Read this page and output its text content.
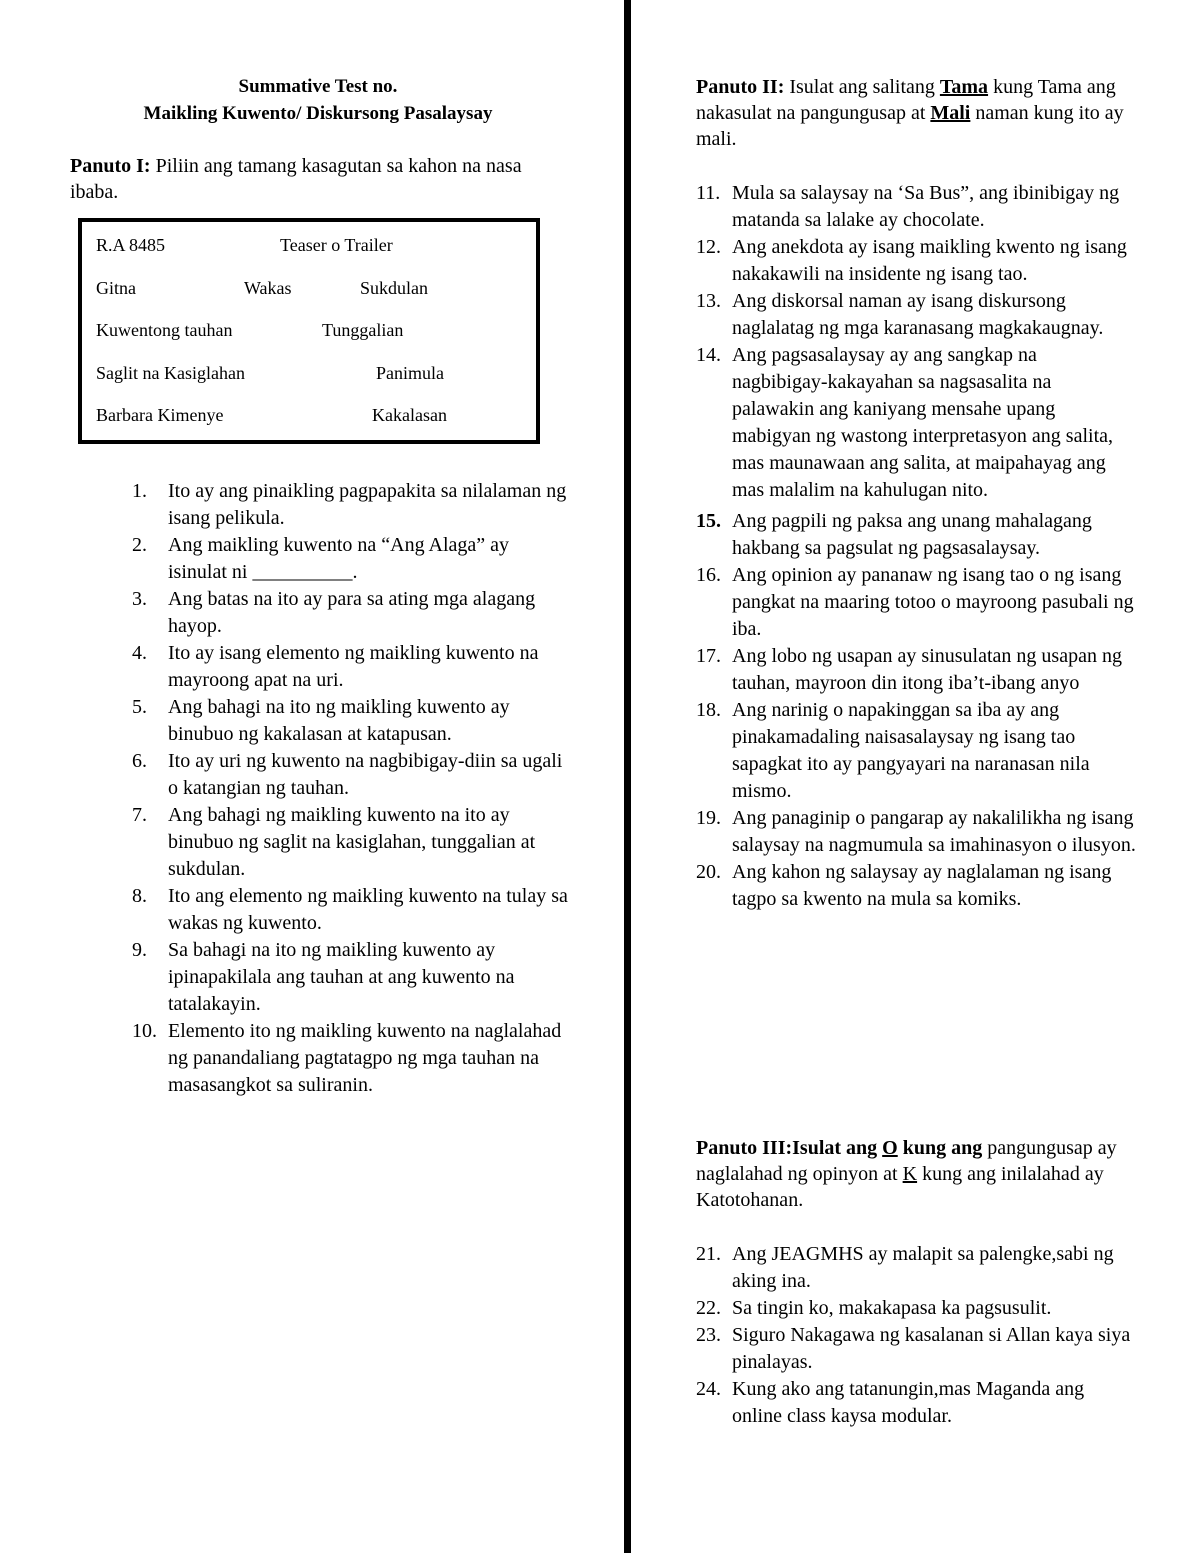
Summative Test no.
Maikling Kuwento/ Diskursong Pasalaysay
Panuto I: Piliin ang tamang kasagutan sa kahon na nasa ibaba.
R.A 8485	Teaser o Trailer
Gitna	Wakas	Sukdulan
Kuwentong tauhan	Tunggalian
Saglit na Kasiglahan	Panimula
Barbara Kimenye	Kakalasan
1. Ito ay ang pinaikling pagpapakita sa nilalaman ng isang pelikula.
2. Ang maikling kuwento na “Ang Alaga” ay isinulat ni __________.
3. Ang batas na ito ay para sa ating mga alagang hayop.
4. Ito ay isang elemento ng maikling kuwento na mayroong apat na uri.
5. Ang bahagi na ito ng maikling kuwento ay binubuo ng kakalasan at katapusan.
6. Ito ay uri ng kuwento na nagbibigay-diin sa ugali o katangian ng tauhan.
7. Ang bahagi ng maikling kuwento na ito ay binubuo ng saglit na kasiglahan, tunggalian at sukdulan.
8. Ito ang elemento ng maikling kuwento na tulay sa wakas ng kuwento.
9. Sa bahagi na ito ng maikling kuwento ay ipinapakilala ang tauhan at ang kuwento na tatalakayin.
10. Elemento ito ng maikling kuwento na naglalahad ng panandaliang pagtatagpo ng mga tauhan na masasangkot sa suliranin.
Panuto II: Isulat ang salitang Tama kung Tama ang nakasulat na pangungusap at Mali naman kung ito ay mali.
11. Mula sa salaysay na ‘Sa Bus”, ang ibinibigay ng matanda sa lalake ay chocolate.
12. Ang anekdota ay isang maikling kwento ng isang nakakawili na insidente ng isang tao.
13. Ang diskorsal naman ay isang diskursong naglalatag ng mga karanasang magkakaugnay.
14. Ang pagsasalaysay ay ang sangkap na nagbibigay-kakayahan sa nagsasalita na palawakin ang kaniyang mensahe upang mabigyan ng wastong interpretasyon ang salita, mas maunawaan ang salita, at maipahayag ang mas malalim na kahulugan nito.
15. Ang pagpili ng paksa ang unang mahalagang hakbang sa pagsulat ng pagsasalaysay.
16. Ang opinion ay pananaw ng isang tao o ng isang pangkat na maaring totoo o mayroong pasubali ng iba.
17. Ang lobo ng usapan ay sinusulatan ng usapan ng tauhan, mayroon din itong iba’t-ibang anyo
18. Ang narinig o napakinggan sa iba ay ang pinakamadaling naisasalaysay ng isang tao sapagkat ito ay pangyayari na naranasan nila mismo.
19. Ang panaginip o pangarap ay nakalilikha ng isang salaysay na nagmumula sa imahinasyon o ilusyon.
20. Ang kahon ng salaysay ay naglalaman ng isang tagpo sa kwento na mula sa komiks.
Panuto III:Isulat ang O kung ang pangungusap ay naglalahad ng opinyon at K kung ang inilalahad ay Katotohanan.
21. Ang JEAGMHS ay malapit sa palengke,sabi ng aking ina.
22. Sa tingin ko, makakapasa ka pagsusulit.
23. Siguro Nakagawa ng kasalanan si Allan kaya siya pinalayas.
24. Kung ako ang tatanungin,mas Maganda ang online class kaysa modular.
